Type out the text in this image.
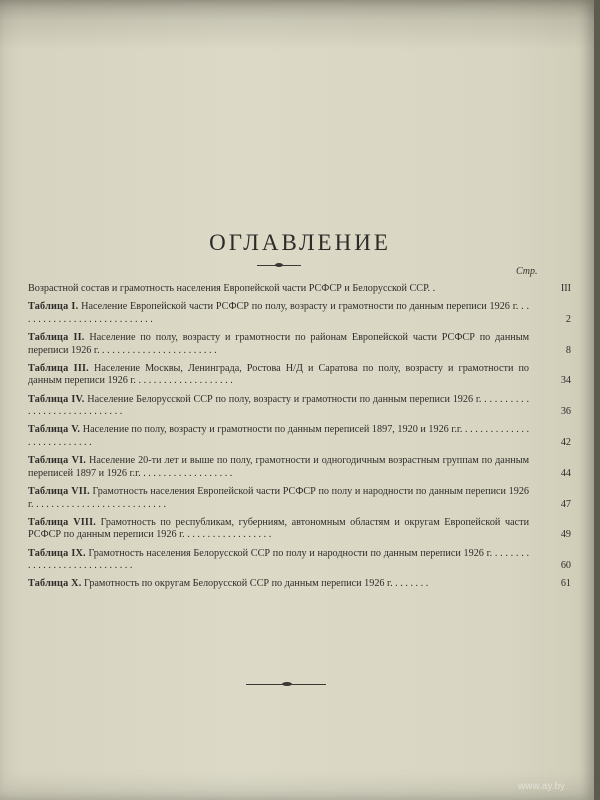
ОГЛАВЛЕНИЕ
Стр.
Возрастной состав и грамотность населения Европейской части РСФСР и Белорусской ССР. .	III
Таблица I. Население Европейской части РСФСР по полу, возрасту и грамотности по данным переписи 1926 г. . . . . . . . . . . . . . . . . . . . . . . . . . . .	2
Таблица II. Население по полу, возрасту и грамотности по районам Европейской части РСФСР по данным переписи 1926 г. . . . . . . . . . . . . . . . . . . . . . . .	8
Таблица III. Население Москвы, Ленинграда, Ростова Н/Д и Саратова по полу, возрасту и грамотности по данным переписи 1926 г. . . . . . . . . . . . . . . . . . . .	34
Таблица IV. Население Белорусской ССР по полу, возрасту и грамотности по данным переписи 1926 г. . . . . . . . . . . . . . . . . . . . . . . . . . . . .	36
Таблица V. Население по полу, возрасту и грамотности по данным переписей 1897, 1920 и 1926 г.г. . . . . . . . . . . . . . . . . . . . . . . . . . .	42
Таблица VI. Население 20-ти лет и выше по полу, грамотности и одногодичным возрастным группам по данным переписей 1897 и 1926 г.г. . . . . . . . . . . . . . . . . . .	44
Таблица VII. Грамотность населения Европейской части РСФСР по полу и народности по данным переписи 1926 г. . . . . . . . . . . . . . . . . . . . . . . . . . .	47
Таблица VIII. Грамотность по республикам, губерниям, автономным областям и округам Европейской части РСФСР по данным переписи 1926 г. . . . . . . . . . . . . . . . . .	49
Таблица IX. Грамотность населения Белорусской ССР по полу и народности по данным переписи 1926 г. . . . . . . . . . . . . . . . . . . . . . . . . . . . .	60
Таблица X. Грамотность по округам Белорусской ССР по данным переписи 1926 г. . . . . . . .	61
www.ay.by
